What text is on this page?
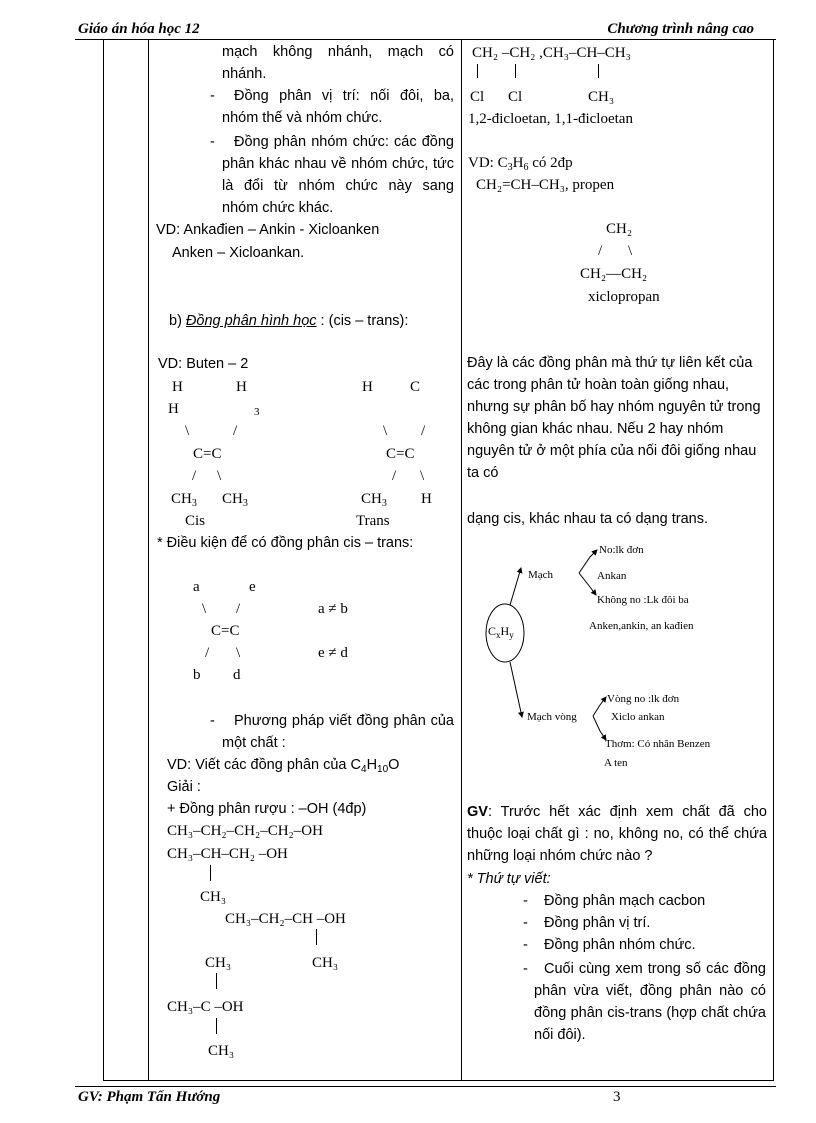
Giáo án hóa học 12	Chương trình nâng cao
mạch không nhánh, mạch có nhánh.
-	Đồng phân vị trí: nối đôi, ba, nhóm thế và nhóm chức.
-	Đồng phân nhóm chức: các đồng phân khác nhau về nhóm chức, tức là đổi từ nhóm chức này sang nhóm chức khác.
VD: Ankađien – Ankin - Xicloanken
Anken – Xicloankan.
b) Đồng phân hình học : (cis – trans):
VD: Buten – 2
H	H
H	3
\	/
C=C
/ \
$CH_3$ $CH_3$
Cis
H C
\ /
C=C
/ \
$CH_3$ H
Trans
* Điều kiện để có đồng phân cis – trans:
a	e
\ /	a ≠ b
C=C
/ \	e ≠ d
b d
-	Phương pháp viết đồng phân của một chất :
VD: Viết các đồng phân của $C_4H_{10}O$
Giải :
+ Đồng phân rượu : –OH (4đp)
CH₃–CH₂–CH₂–CH₂–OH
CH₃–CH–CH₂ –OH
CH₃
CH₃–CH₂–CH –OH
CH₃
CH₃
CH₃–C –OH
CH₃
CH₂ –CH₂ ,CH₃–CH–CH₃
Cl Cl	CH₃
1,2-đicloetan, 1,1-đicloetan
VD: $C_3H_6$ có 2đp
CH₂=CH–CH₃, propen
CH₂
/ \
CH₂—CH₂
xiclopropan
Đây là các đồng phân mà thứ tự liên kết của các trong phân tử hoàn toàn giống nhau, nhưng sự phân bố hay nhóm nguyên tử trong không gian khác nhau. Nếu 2 hay nhóm nguyên tử ở một phía của nối đôi giống nhau ta có
dạng cis, khác nhau ta có dạng trans.
$C_xH_y$
Mạch
No:lk đơn
Ankan
Không no :Lk đôi ba
Anken,ankin, an kađien
Mạch vòng
Vòng no :lk đơn
Xiclo ankan
Thơm: Có nhân Benzen
A ten
GV: Trước hết xác định xem chất đã cho thuộc loại chất gì : no, không no, có thể chứa những loại nhóm chức nào ?
* Thứ tự viết:
- Đồng phân mạch cacbon
- Đồng phân vị trí.
- Đồng phân nhóm chức.
-	Cuối cùng xem trong số các đồng phân vừa viết, đồng phân nào có đồng phân cis-trans (hợp chất chứa nối đôi).
GV: Phạm Tấn Hướng	3
